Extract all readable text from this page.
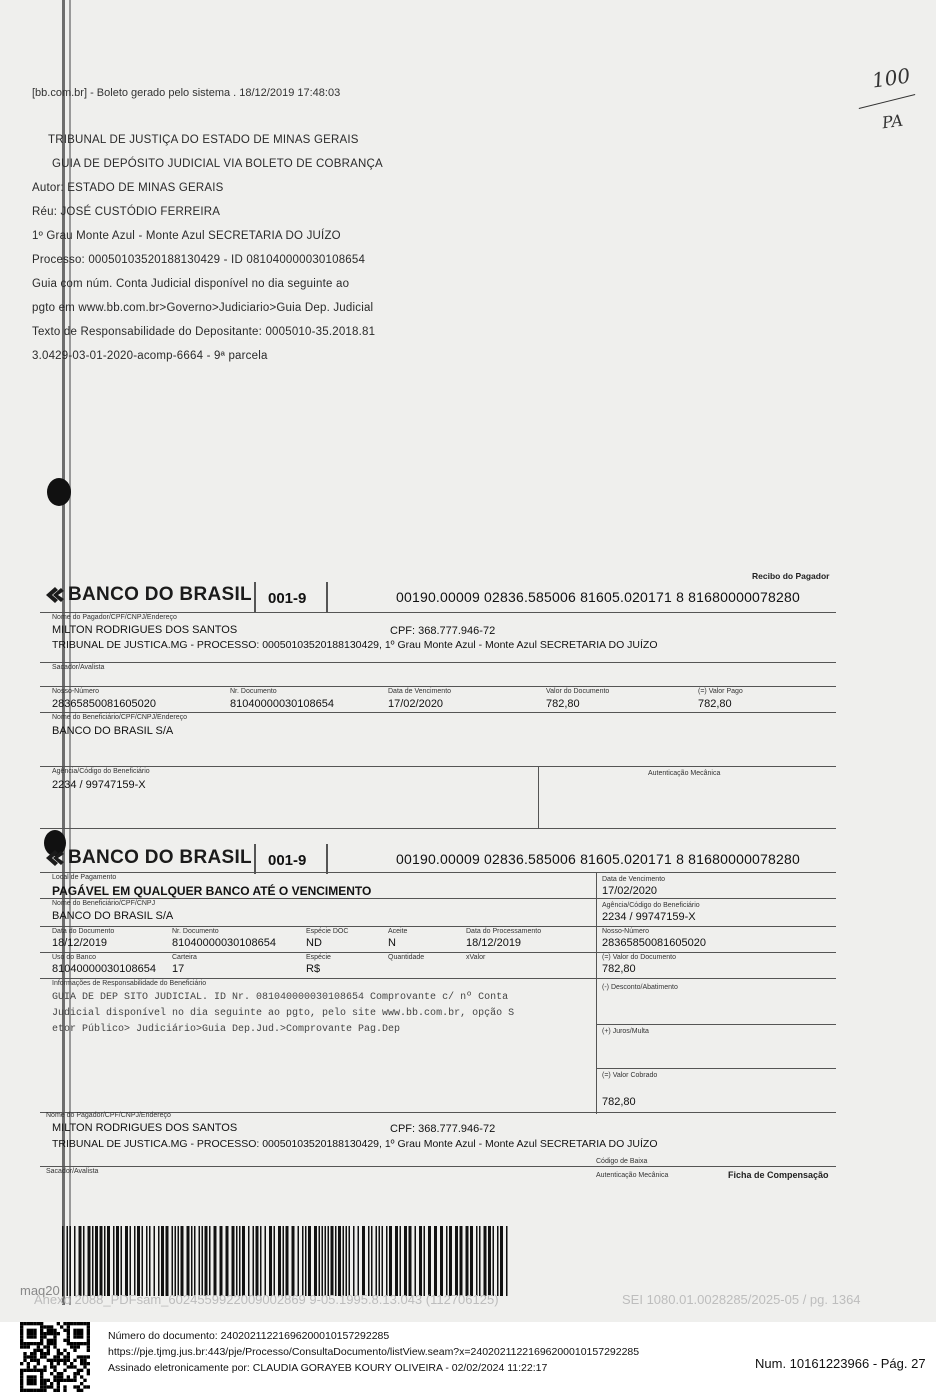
100
PA
[bb.com.br] - Boleto gerado pelo sistema . 18/12/2019 17:48:03
TRIBUNAL DE JUSTIÇA DO ESTADO DE MINAS GERAIS
GUIA DE DEPÓSITO JUDICIAL VIA BOLETO DE COBRANÇA
Autor: ESTADO DE MINAS GERAIS
Réu: JOSÉ CUSTÓDIO FERREIRA
1º Grau Monte Azul - Monte Azul SECRETARIA DO JUÍZO
Processo: 00050103520188130429 - ID 081040000030108654
Guia com núm. Conta Judicial disponível no dia seguinte ao
pgto em www.bb.com.br>Governo>Judiciario>Guia Dep. Judicial
Texto de Responsabilidade do Depositante: 0005010-35.2018.81
3.0429-03-01-2020-acomp-6664 - 9ª parcela
Recibo do Pagador
BANCO DO BRASIL 001-9	00190.00009 02836.585006 81605.020171 8 81680000078280
Nome do Pagador/CPF/CNPJ/Endereço
MILTON RODRIGUES DOS SANTOS	CPF: 368.777.946-72
TRIBUNAL DE JUSTICA.MG - PROCESSO: 00050103520188130429, 1º Grau Monte Azul - Monte Azul SECRETARIA DO JUÍZO
Sacador/Avalista
Nosso-Número
28365850081605020
Nr. Documento
81040000030108654
Data de Vencimento
17/02/2020
Valor do Documento
782,80
(=) Valor Pago
782,80
Nome do Beneficiário/CPF/CNPJ/Endereço
BANCO DO BRASIL S/A
Agência/Código do Beneficiário
2234 / 99747159-X
Autenticação Mecânica
BANCO DO BRASIL 001-9	00190.00009 02836.585006 81605.020171 8 81680000078280
Local de Pagamento
PAGÁVEL EM QUALQUER BANCO ATÉ O VENCIMENTO
Data de Vencimento
17/02/2020
Nome do Beneficiário/CPF/CNPJ
BANCO DO BRASIL S/A
Agência/Código do Beneficiário
2234 / 99747159-X
Data do Documento
18/12/2019
Nr. Documento
81040000030108654
Espécie DOC
ND
Aceite
N
Data do Processamento
18/12/2019
Nosso-Número
28365850081605020
Uso do Banco
81040000030108654
Carteira
17
Espécie
R$
Quantidade	xValor	(=) Valor do Documento
782,80
Informações de Responsabilidade do Beneficiário
GUIA DE DEP SITO JUDICIAL. ID Nr. 081040000030108654 Comprovante c/ nº Conta
Judicial disponível no dia seguinte ao pgto, pelo site www.bb.com.br, opção S
etor Público> Judiciário>Guia Dep.Jud.>Comprovante Pag.Dep
(-) Desconto/Abatimento
(+) Juros/Multa
(=) Valor Cobrado
782,80
Nome do Pagador/CPF/CNPJ/Endereço
MILTON RODRIGUES DOS SANTOS	CPF: 368.777.946-72
TRIBUNAL DE JUSTICA.MG - PROCESSO: 00050103520188130429, 1º Grau Monte Azul - Monte Azul SECRETARIA DO JUÍZO
Código de Baixa
Sacador/Avalista
Autenticação Mecânica	Ficha de Compensação
maq20
Anexo 2088_PDFsam_6024559922009002869 9-05.1995.8.13.043 (112706125)	SEI 1080.01.0028285/2025-05 / pg. 1364
Número do documento: 24020211221696200010157292285
https://pje.tjmg.jus.br:443/pje/Processo/ConsultaDocumento/listView.seam?x=24020211221696200010157292285
Assinado eletronicamente por: CLAUDIA GORAYEB KOURY OLIVEIRA - 02/02/2024 11:22:17	Num. 10161223966 - Pág. 27
